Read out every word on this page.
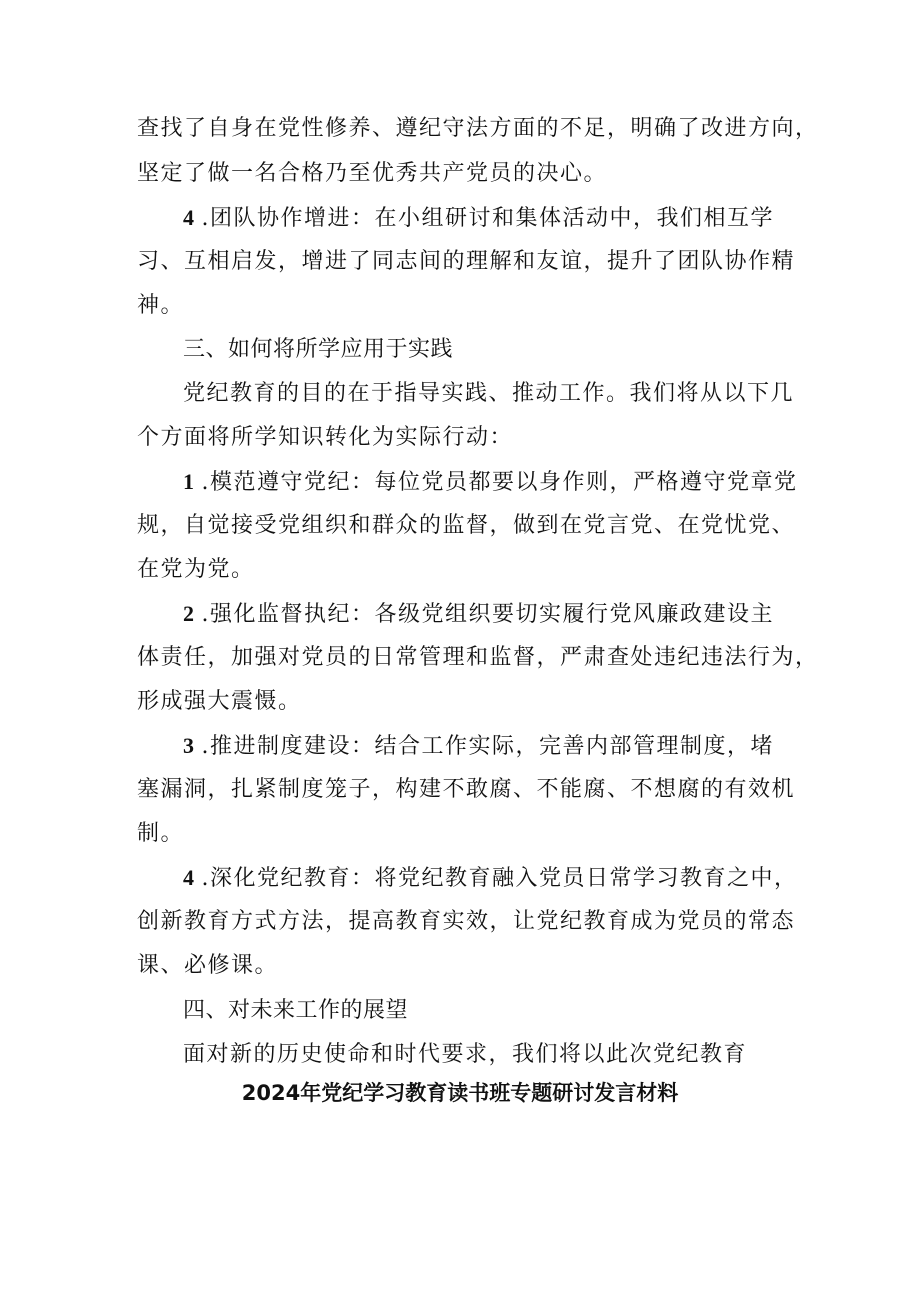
查找了自身在党性修养、遵纪守法方面的不足，明确了改进方向，
坚定了做一名合格乃至优秀共产党员的决心。
4 .团队协作增进：在小组研讨和集体活动中，我们相互学
习、互相启发，增进了同志间的理解和友谊，提升了团队协作精
神。
三、如何将所学应用于实践
党纪教育的目的在于指导实践、推动工作。我们将从以下几
个方面将所学知识转化为实际行动：
1 .模范遵守党纪：每位党员都要以身作则，严格遵守党章党
规，自觉接受党组织和群众的监督，做到在党言党、在党忧党、
在党为党。
2 .强化监督执纪：各级党组织要切实履行党风廉政建设主
体责任，加强对党员的日常管理和监督，严肃查处违纪违法行为，
形成强大震慑。
3 .推进制度建设：结合工作实际，完善内部管理制度，堵
塞漏洞，扎紧制度笼子，构建不敢腐、不能腐、不想腐的有效机
制。
4 .深化党纪教育：将党纪教育融入党员日常学习教育之中，
创新教育方式方法，提高教育实效，让党纪教育成为党员的常态
课、必修课。
四、对未来工作的展望
面对新的历史使命和时代要求，我们将以此次党纪教育
2024年党纪学习教育读书班专题研讨发言材料
